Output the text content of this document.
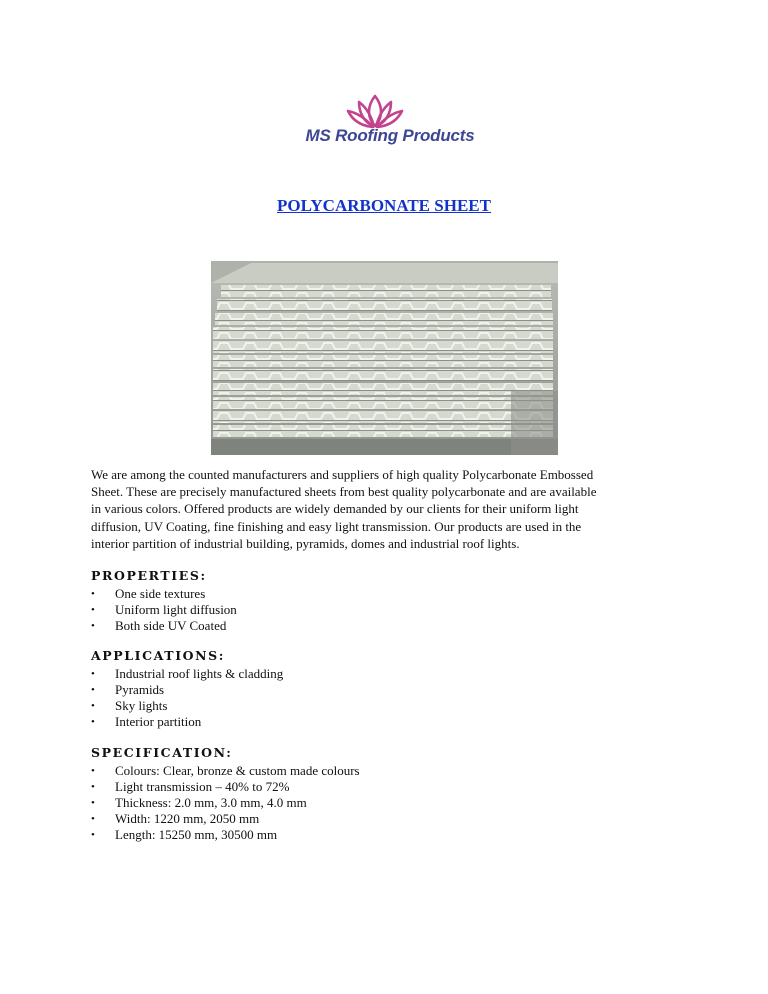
MS Roofing Products
POLYCARBONATE SHEET
We are among the counted manufacturers and suppliers of high quality Polycarbonate Embossed
Sheet. These are precisely manufactured sheets from best quality polycarbonate and are available
in various colors. Offered products are widely demanded by our clients for their uniform light
diffusion, UV Coating, fine finishing and easy light transmission. Our products are used in the
interior partition of industrial building, pyramids, domes and industrial roof lights.
PROPERTIES:
•	One side textures
•	Uniform light diffusion
•	Both side UV Coated
APPLICATIONS:
•	Industrial roof lights & cladding
•	Pyramids
•	Sky lights
•	Interior partition
SPECIFICATION:
•	Colours: Clear, bronze & custom made colours
•	Light transmission – 40% to 72%
•	Thickness: 2.0 mm, 3.0 mm, 4.0 mm
•	Width: 1220 mm, 2050 mm
•	Length: 15250 mm, 30500 mm
